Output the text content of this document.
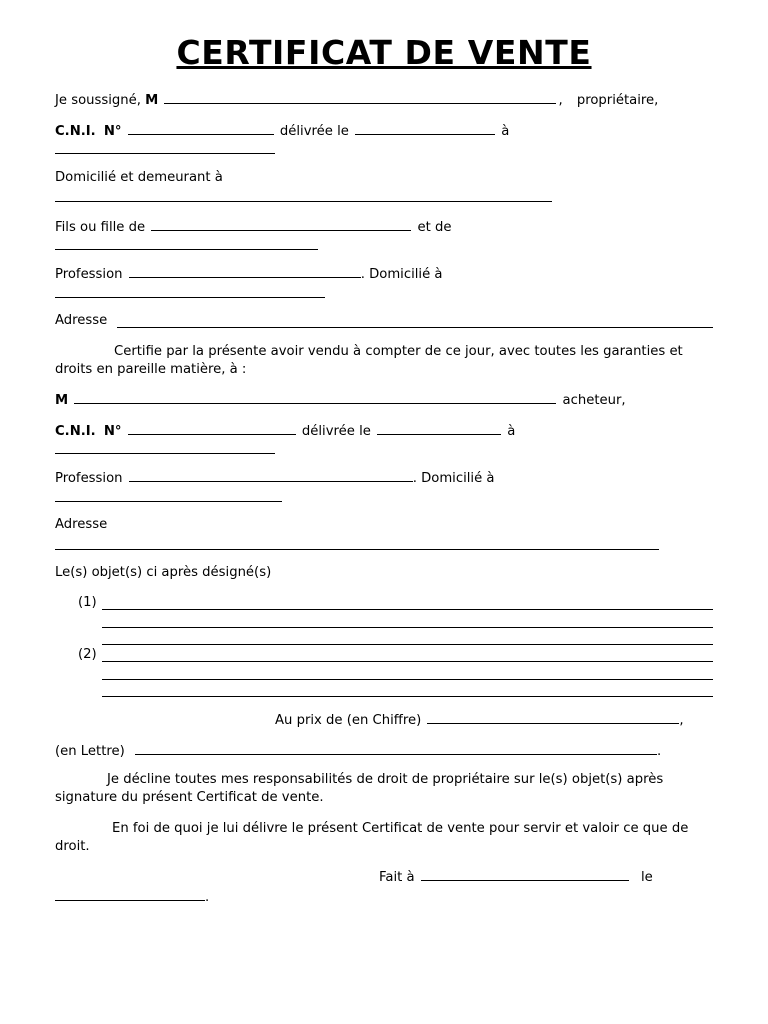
CERTIFICAT DE VENTE
Je soussigné, M	, propriétaire,
C.N.I. N°	délivrée le	à
Domicilié et demeurant à
Fils ou fille de	et de
Profession	. Domicilié à
Adresse
Certifie par la présente avoir vendu à compter de ce jour, avec toutes les garanties et droits en pareille matière, à :
M	acheteur,
C.N.I. N°	délivrée le	à
Profession	. Domicilié à
Adresse
Le(s) objet(s) ci après désigné(s)
(1)
(2)
Au prix de (en Chiffre)	,
(en Lettre)	.
Je décline toutes mes responsabilités de droit de propriétaire sur le(s) objet(s) après signature du présent Certificat de vente.
En foi de quoi je lui délivre le présent Certificat de vente pour servir et valoir ce que de droit.
Fait à	le
.
